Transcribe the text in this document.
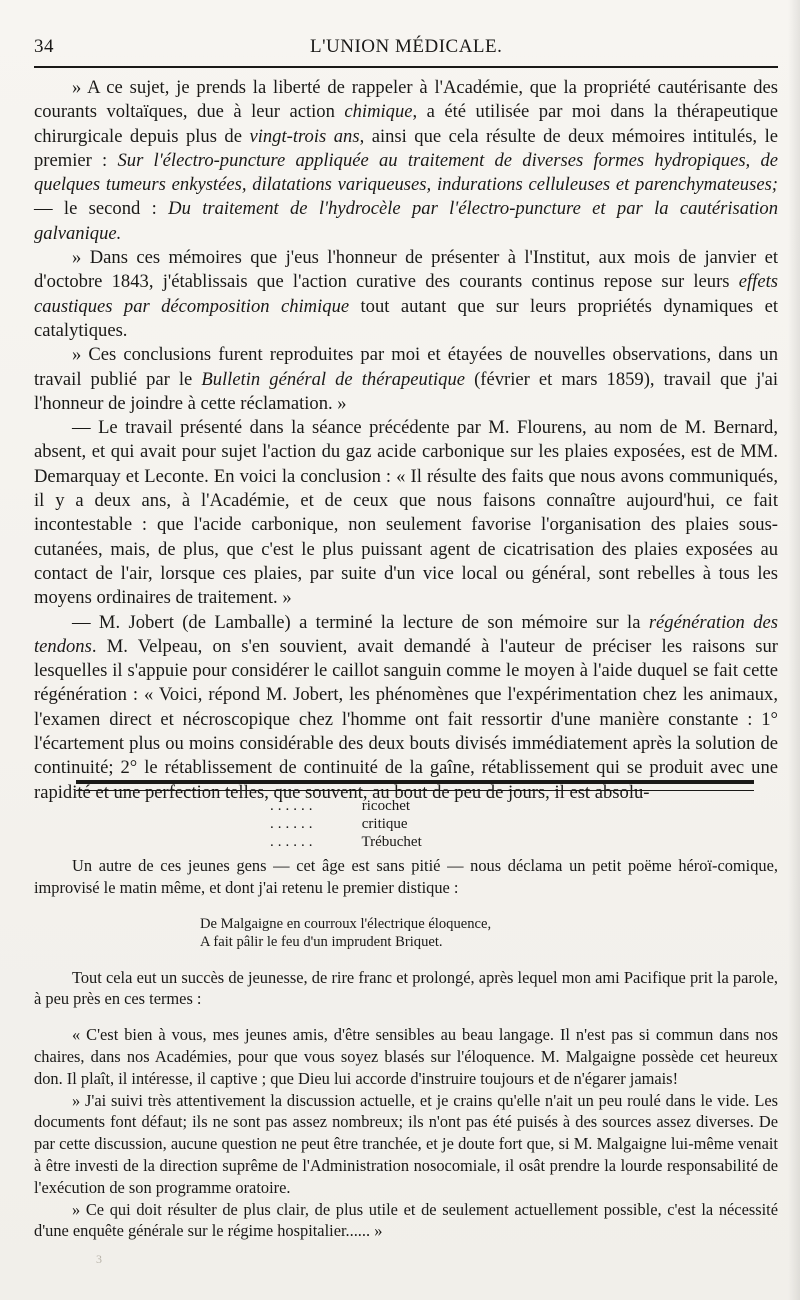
34	L'UNION MÉDICALE.

» A ce sujet, je prends la liberté de rappeler à l'Académie, que la propriété cautérisante des courants voltaïques, due à leur action chimique, a été utilisée par moi dans la thérapeutique chirurgicale depuis plus de vingt-trois ans, ainsi que cela résulte de deux mémoires intitulés, le premier : Sur l'électro-puncture appliquée au traitement de diverses formes hydropiques, de quelques tumeurs enkystées, dilatations variqueuses, indurations celluleuses et parenchymateuses; — le second : Du traitement de l'hydrocèle par l'électro-puncture et par la cautérisation galvanique.

» Dans ces mémoires que j'eus l'honneur de présenter à l'Institut, aux mois de janvier et d'octobre 1843, j'établissais que l'action curative des courants continus repose sur leurs effets caustiques par décomposition chimique tout autant que sur leurs propriétés dynamiques et catalytiques.

» Ces conclusions furent reproduites par moi et étayées de nouvelles observations, dans un travail publié par le Bulletin général de thérapeutique (février et mars 1859), travail que j'ai l'honneur de joindre à cette réclamation. »

— Le travail présenté dans la séance précédente par M. Flourens, au nom de M. Bernard, absent, et qui avait pour sujet l'action du gaz acide carbonique sur les plaies exposées, est de MM. Demarquay et Leconte. En voici la conclusion : « Il résulte des faits que nous avons communiqués, il y a deux ans, à l'Académie, et de ceux que nous faisons connaître aujourd'hui, ce fait incontestable : que l'acide carbonique, non seulement favorise l'organisation des plaies sous-cutanées, mais, de plus, que c'est le plus puissant agent de cicatrisation des plaies exposées au contact de l'air, lorsque ces plaies, par suite d'un vice local ou général, sont rebelles à tous les moyens ordinaires de traitement. »

— M. Jobert (de Lamballe) a terminé la lecture de son mémoire sur la régénération des tendons. M. Velpeau, on s'en souvient, avait demandé à l'auteur de préciser les raisons sur lesquelles il s'appuie pour considérer le caillot sanguin comme le moyen à l'aide duquel se fait cette régénération : « Voici, répond M. Jobert, les phénomènes que l'expérimentation chez les animaux, l'examen direct et nécroscopique chez l'homme ont fait ressortir d'une manière constante : 1° l'écartement plus ou moins considérable des deux bouts divisés immédiatement après la solution de continuité; 2° le rétablissement de continuité de la gaîne, rétablissement qui se produit avec une rapidité et une perfection telles, que souvent, au bout de peu de jours, il est absolu-

......	ricochet
......	critique
......	Trébuchet

Un autre de ces jeunes gens — cet âge est sans pitié — nous déclama un petit poëme héroï-comique, improvisé le matin même, et dont j'ai retenu le premier distique :

De Malgaigne en courroux l'électrique éloquence,
A fait pâlir le feu d'un imprudent Briquet.

Tout cela eut un succès de jeunesse, de rire franc et prolongé, après lequel mon ami Pacifique prit la parole, à peu près en ces termes :

« C'est bien à vous, mes jeunes amis, d'être sensibles au beau langage. Il n'est pas si commun dans nos chaires, dans nos Académies, pour que vous soyez blasés sur l'éloquence. M. Malgaigne possède cet heureux don. Il plaît, il intéresse, il captive ; que Dieu lui accorde d'instruire toujours et de n'égarer jamais!

» J'ai suivi très attentivement la discussion actuelle, et je crains qu'elle n'ait un peu roulé dans le vide. Les documents font défaut; ils ne sont pas assez nombreux; ils n'ont pas été puisés à des sources assez diverses. De par cette discussion, aucune question ne peut être tranchée, et je doute fort que, si M. Malgaigne lui-même venait à être investi de la direction suprême de l'Administration nosocomiale, il osât prendre la lourde responsabilité de l'exécution de son programme oratoire.

» Ce qui doit résulter de plus clair, de plus utile et de seulement actuellement possible, c'est la nécessité d'une enquête générale sur le régime hospitalier...... »

3
